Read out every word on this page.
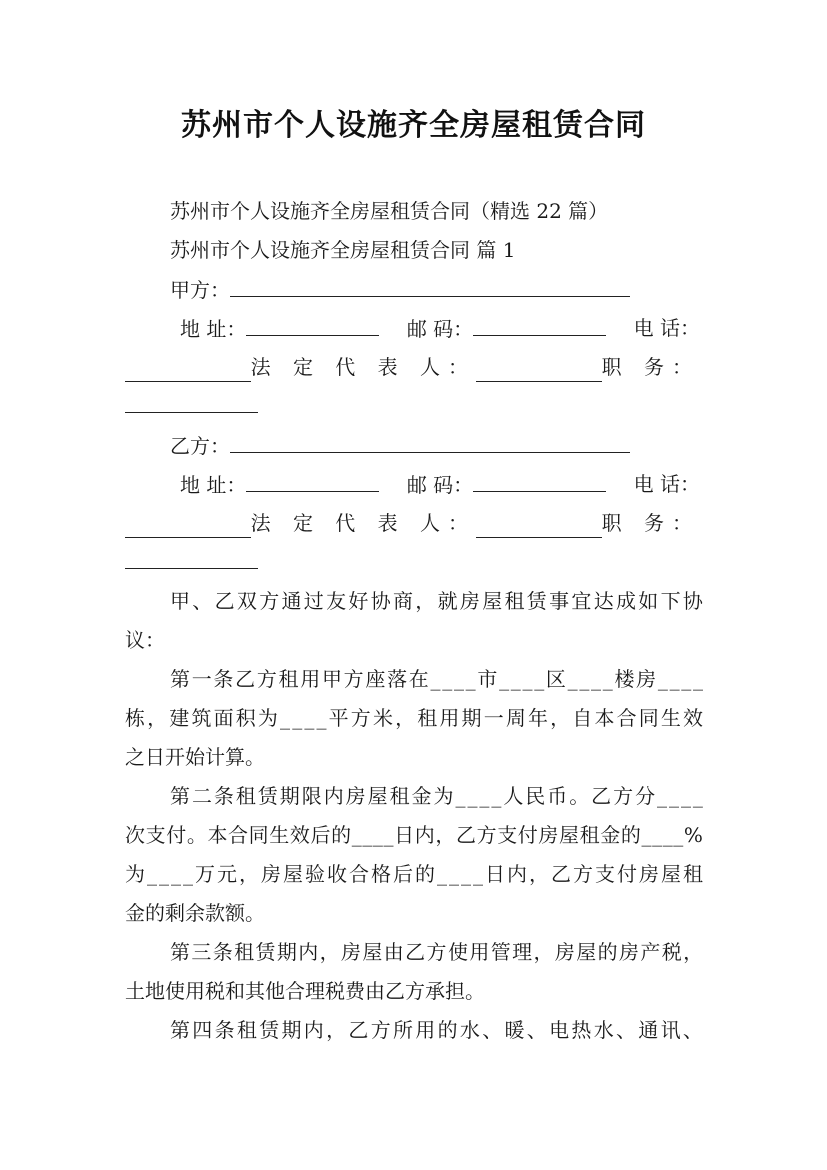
苏州市个人设施齐全房屋租赁合同
苏州市个人设施齐全房屋租赁合同（精选 22 篇）
苏州市个人设施齐全房屋租赁合同 篇 1
甲方：
地 址：	邮 码：	电 话：
法 定 代 表 人：	职 务：
乙方：
地 址：	邮 码：	电 话：
法 定 代 表 人：	职 务：
甲、乙双方通过友好协商，就房屋租赁事宜达成如下协
议：
第一条乙方租用甲方座落在____市____区____楼房____
栋，建筑面积为____平方米，租用期一周年，自本合同生效
之日开始计算。
第二条租赁期限内房屋租金为____人民币。乙方分____
次支付。本合同生效后的____日内，乙方支付房屋租金的____%
为____万元，房屋验收合格后的____日内，乙方支付房屋租
金的剩余款额。
第三条租赁期内，房屋由乙方使用管理，房屋的房产税，
土地使用税和其他合理税费由乙方承担。
第四条租赁期内，乙方所用的水、暖、电热水、通讯、
